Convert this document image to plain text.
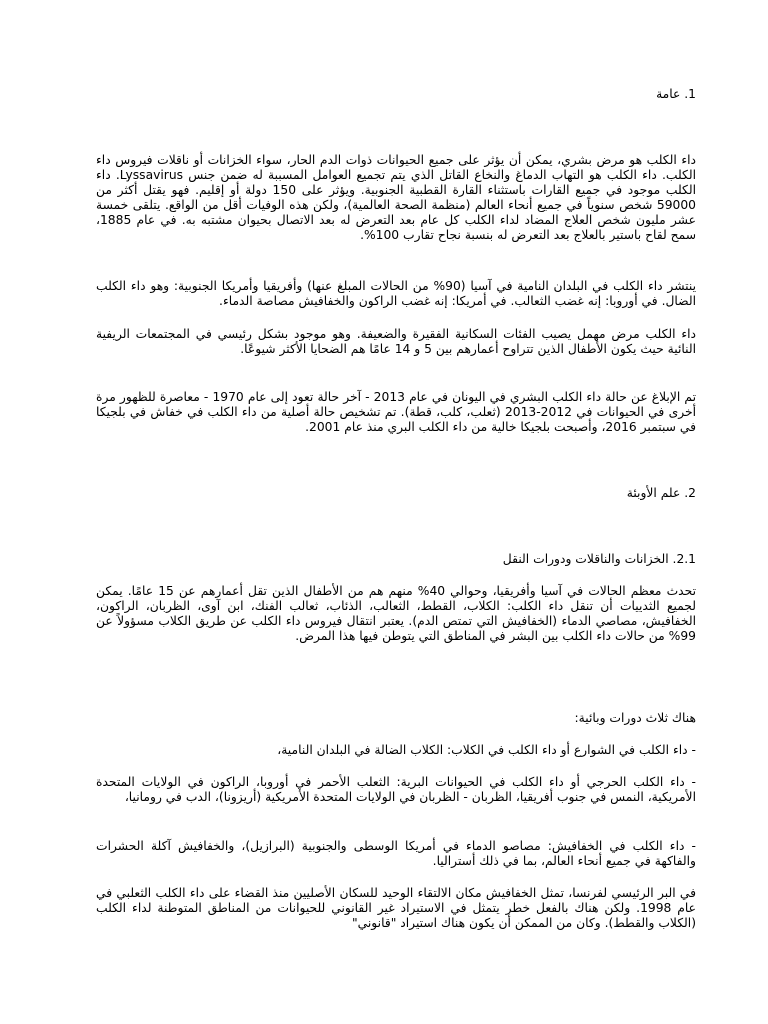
1. عامة

داء الكلب هو مرض بشري، يمكن أن يؤثر على جميع الحيوانات ذوات الدم الحار، سواء الخزانات أو ناقلات فيروس داء الكلب. داء الكلب هو التهاب الدماغ والنخاع القاتل الذي يتم تجميع العوامل المسببة له ضمن جنس Lyssavirus. داء الكلب موجود في جميع القارات باستثناء القارة القطبية الجنوبية. ويؤثر على 150 دولة أو إقليم. فهو يقتل أكثر من 59000 شخص سنوياً في جميع أنحاء العالم (منظمة الصحة العالمية)، ولكن هذه الوفيات أقل من الواقع. يتلقى خمسة عشر مليون شخص العلاج المضاد لداء الكلب كل عام بعد التعرض له بعد الاتصال بحيوان مشتبه به. في عام 1885، سمح لقاح باستير بالعلاج بعد التعرض له بنسبة نجاح تقارب 100%.

ينتشر داء الكلب في البلدان النامية في آسيا (90% من الحالات المبلغ عنها) وأفريقيا وأمريكا الجنوبية: وهو داء الكلب الضال. في أوروبا: إنه غضب الثعالب. في أمريكا: إنه غضب الراكون والخفافيش مصاصة الدماء.

داء الكلب مرض مهمل يصيب الفئات السكانية الفقيرة والضعيفة. وهو موجود بشكل رئيسي في المجتمعات الريفية النائية حيث يكون الأطفال الذين تتراوح أعمارهم بين 5 و 14 عامًا هم الضحايا الأكثر شيوعًا.

تم الإبلاغ عن حالة داء الكلب البشري في اليونان في عام 2013 - آخر حالة تعود إلى عام 1970 - معاصرة للظهور مرة أخرى في الحيوانات في 2012-2013 (ثعلب، كلب، قطة). تم تشخيص حالة أصلية من داء الكلب في خفاش في بلجيكا في سبتمبر 2016، وأصبحت بلجيكا خالية من داء الكلب البري منذ عام 2001.

2. علم الأوبئة

2.1. الخزانات والناقلات ودورات النقل

تحدث معظم الحالات في آسيا وأفريقيا، وحوالي 40% منهم هم من الأطفال الذين تقل أعمارهم عن 15 عامًا. يمكن لجميع الثدييات أن تنقل داء الكلب: الكلاب، القطط، الثعالب، الذئاب، ثعالب الفنك، ابن آوى، الظربان، الراكون، الخفافيش، مصاصي الدماء (الخفافيش التي تمتص الدم). يعتبر انتقال فيروس داء الكلب عن طريق الكلاب مسؤولاً عن 99% من حالات داء الكلب بين البشر في المناطق التي يتوطن فيها هذا المرض.

هناك ثلاث دورات وبائية:

- داء الكلب في الشوارع أو داء الكلب في الكلاب: الكلاب الضالة في البلدان النامية،

- داء الكلب الحرجي أو داء الكلب في الحيوانات البرية: الثعلب الأحمر في أوروبا، الراكون في الولايات المتحدة الأمريكية، النمس في جنوب أفريقيا، الظربان - الظربان في الولايات المتحدة الأمريكية (أريزونا)، الدب في رومانيا،

- داء الكلب في الخفافيش: مصاصو الدماء في أمريكا الوسطى والجنوبية (البرازيل)، والخفافيش آكلة الحشرات والفاكهة في جميع أنحاء العالم، بما في ذلك أستراليا.

في البر الرئيسي لفرنسا، تمثل الخفافيش مكان الالتقاء الوحيد للسكان الأصليين منذ القضاء على داء الكلب الثعلبي في عام 1998. ولكن هناك بالفعل خطر يتمثل في الاستيراد غير القانوني للحيوانات من المناطق المتوطنة لداء الكلب (الكلاب والقطط). وكان من الممكن أن يكون هناك استيراد "قانوني"
